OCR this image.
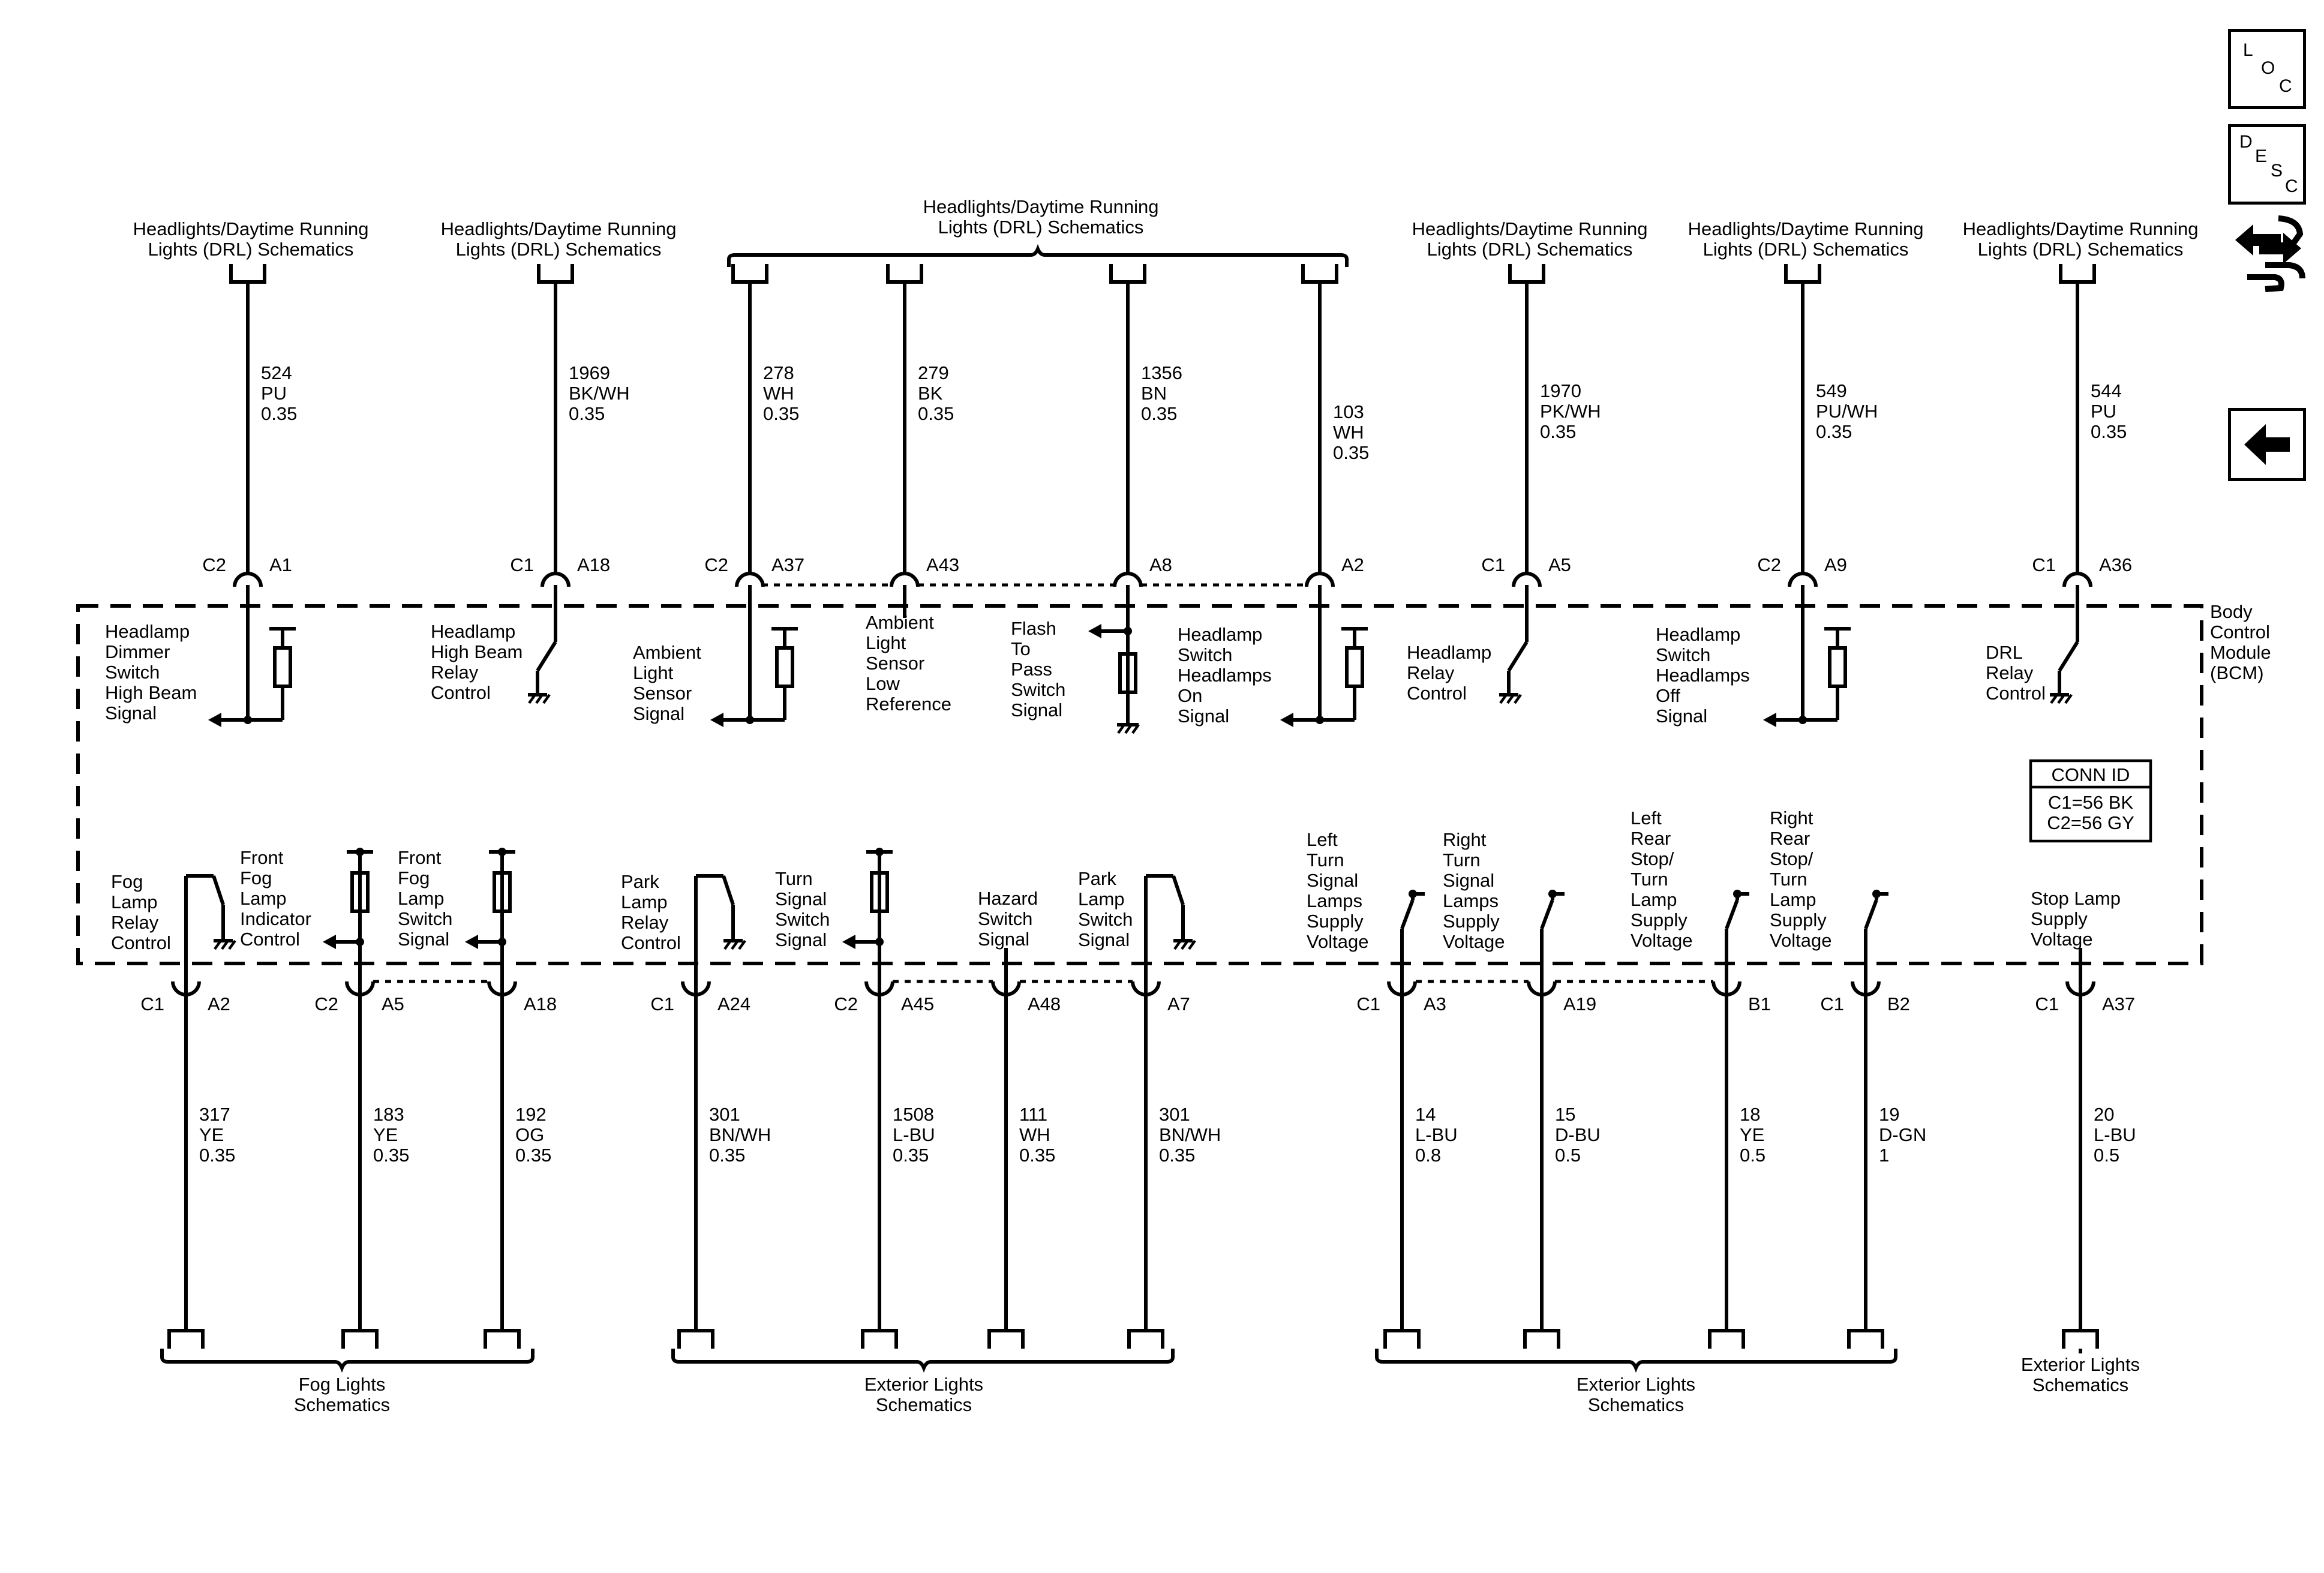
Body
Control
Module
(BCM)
CONN ID
C1=56 BK
C2=56 GY
524
PU
0.35
C2 A1
Headlamp
Dimmer
Switch
High Beam
Signal
1969
BK/WH
0.35
C1 A18
Headlamp
High Beam
Relay
Control
278
WH
0.35
C2 A37
Ambient
Light
Sensor
Signal
279
BK
0.35
A43
Ambient
Light
Sensor
Low
Reference
1356
BN
0.35
A8
Flash
To
Pass
Switch
Signal
103
WH
0.35
A2
Headlamp
Switch
Headlamps
On
Signal
1970
PK/WH
0.35
C1 A5
Headlamp
Relay
Control
549
PU/WH
0.35
C2 A9
Headlamp
Switch
Headlamps
Off
Signal
544
PU
0.35
C1 A36
DRL
Relay
Control
Headlights/Daytime Running
Lights (DRL) Schematics
Headlights/Daytime Running
Lights (DRL) Schematics
Headlights/Daytime Running
Lights (DRL) Schematics	Headlights/Daytime Running
Lights (DRL) Schematics
Headlights/Daytime Running
Lights (DRL) Schematics
Headlights/Daytime Running
Lights (DRL) Schematics
317
YE
0.35
C1 A2
Fog
Lamp
Relay
Control
183
YE
0.35
C2 A5
Front
Fog
Lamp
Indicator
Control
192
OG
0.35
A18
Front
Fog
Lamp
Switch
Signal
301
BN/WH
0.35
C1 A24
Park
Lamp
Relay
Control
1508
L-BU
0.35
C2 A45
Turn
Signal
Switch
Signal
111
WH
0.35
A48
Hazard
Switch
Signal
301
BN/WH
0.35
A7
Park
Lamp
Switch
Signal
14
L-BU
0.8
C1 A3
Left
Turn
Signal
Lamps
Supply
Voltage
15
D-BU
0.5
A19
Right
Turn
Signal
Lamps
Supply
Voltage
18
YE
0.5
B1
Left
Rear
Stop/
Turn
Lamp
Supply
Voltage
19
D-GN
1
C1 B2
Right
Rear
Stop/
Turn
Lamp
Supply
Voltage
20
L-BU
0.5
C1 A37
Stop Lamp
Supply
Voltage
Fog Lights
Schematics
Exterior Lights
Schematics
Exterior Lights
Schematics
Exterior Lights
Schematics
L
O
C
D
E
S
C
